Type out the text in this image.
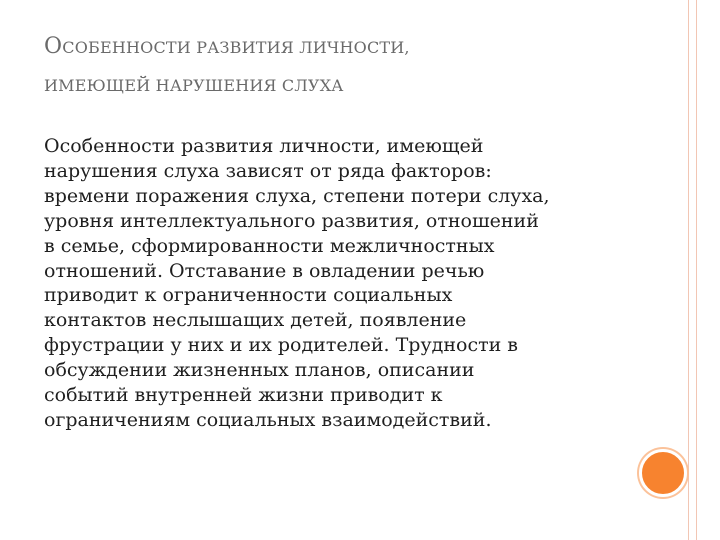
ОСОБЕННОСТИ РАЗВИТИЯ ЛИЧНОСТИ,
ИМЕЮЩЕЙ НАРУШЕНИЯ СЛУХА

Особенности развития личности, имеющей
нарушения слуха зависят от ряда факторов:
времени поражения слуха, степени потери слуха,
уровня интеллектуального развития, отношений
в семье, сформированности межличностных
отношений. Отставание в овладении речью
приводит к ограниченности социальных
контактов неслышащих детей, появление
фрустрации у них и их родителей. Трудности в
обсуждении жизненных планов, описании
событий внутренней жизни приводит к
ограничениям социальных взаимодействий.
